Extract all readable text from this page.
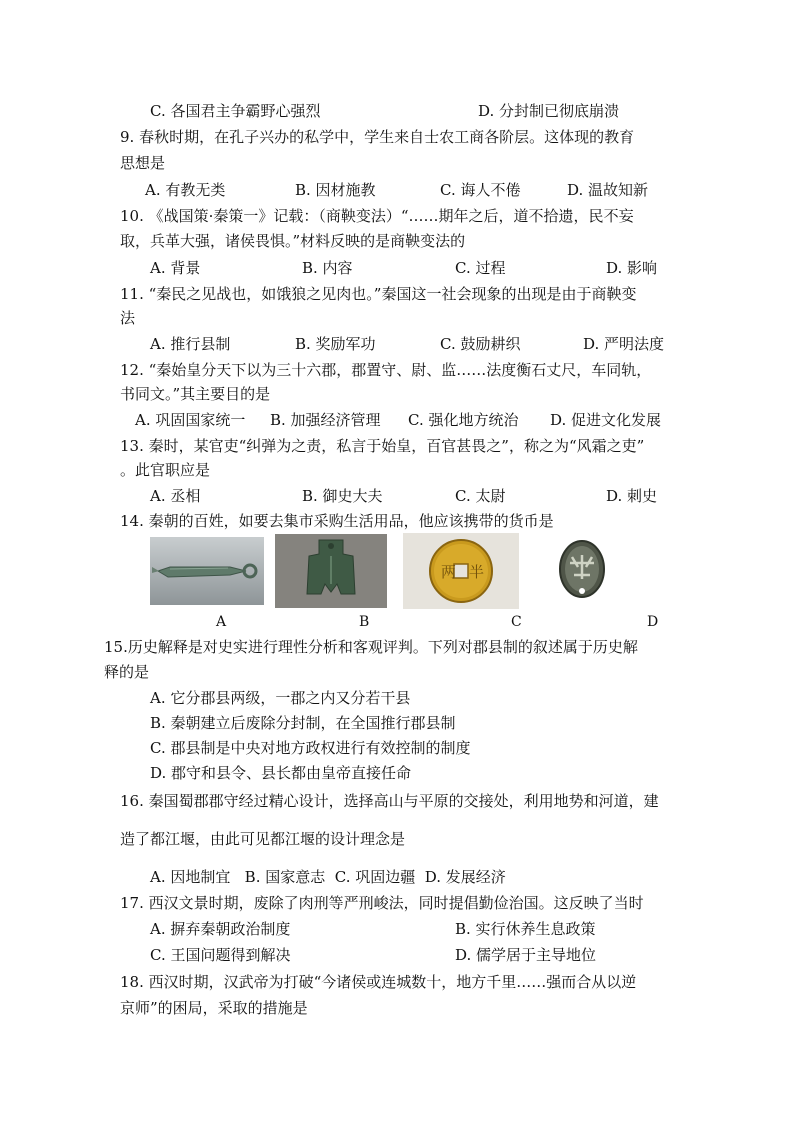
C. 各国君主争霸野心强烈	D. 分封制已彻底崩溃
9. 春秋时期，在孔子兴办的私学中，学生来自士农工商各阶层。这体现的教育
思想是
A. 有教无类	B. 因材施教	C. 诲人不倦	D. 温故知新
10. 《战国策·秦策一》记载：（商鞅变法）“……期年之后，道不拾遗，民不妄
取，兵革大强，诸侯畏惧。”材料反映的是商鞅变法的
A. 背景	B. 内容	C. 过程	D. 影响
11. “秦民之见战也，如饿狼之见肉也。”秦国这一社会现象的出现是由于商鞅变
法
A. 推行县制	B. 奖励军功	C. 鼓励耕织	D. 严明法度
12. “秦始皇分天下以为三十六郡，郡置守、尉、监……法度衡石丈尺，车同轨，
书同文。”其主要目的是
A. 巩固国家统一 B. 加强经济管理 C. 强化地方统治 D. 促进文化发展
13. 秦时，某官吏“纠弹为之责，私言于始皇，百官甚畏之”，称之为“风霜之吏”
。此官职应是
A. 丞相	B. 御史大夫	C. 太尉	D. 刺史
14. 秦朝的百姓，如要去集市采购生活用品，他应该携带的货币是
两 半
A	B	C	D
15.历史解释是对史实进行理性分析和客观评判。下列对郡县制的叙述属于历史解
释的是
A. 它分郡县两级，一郡之内又分若干县
B. 秦朝建立后废除分封制，在全国推行郡县制
C. 郡县制是中央对地方政权进行有效控制的制度
D. 郡守和县令、县长都由皇帝直接任命
16. 秦国蜀郡郡守经过精心设计，选择高山与平原的交接处，利用地势和河道，建
造了都江堰，由此可见都江堰的设计理念是
A. 因地制宜   B. 国家意志  C. 巩固边疆  D. 发展经济
17. 西汉文景时期，废除了肉刑等严刑峻法，同时提倡勤俭治国。这反映了当时
A. 摒弃秦朝政治制度	B. 实行休养生息政策
C. 王国问题得到解决	D. 儒学居于主导地位
18. 西汉时期，汉武帝为打破“今诸侯或连城数十，地方千里……强而合从以逆
京师”的困局，采取的措施是
